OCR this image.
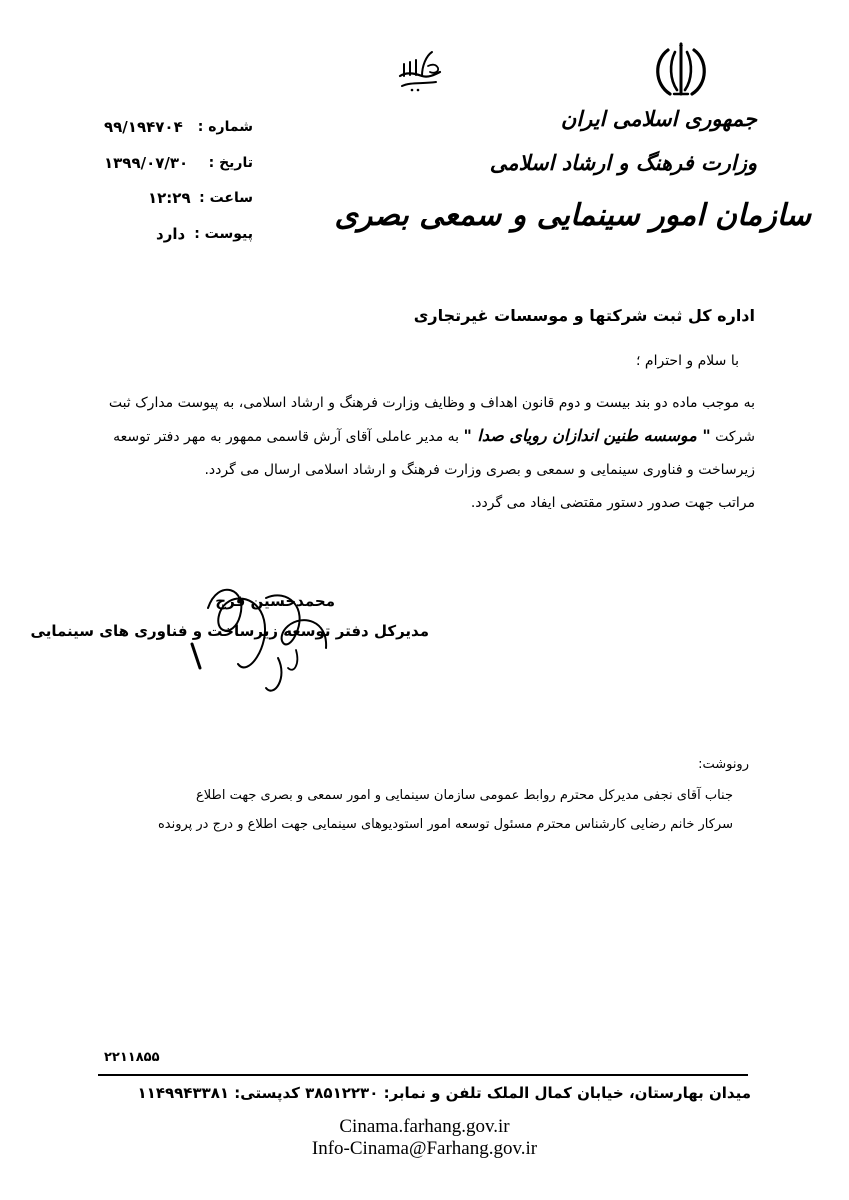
جمهوری اسلامی ایران
وزارت فرهنگ و ارشاد اسلامی
سازمان امور سینمایی و سمعی بصری
شماره :
۹۹/۱۹۴۷۰۴
تاریخ :
۱۳۹۹/۰۷/۳۰
ساعت :
۱۲:۲۹
پیوست :
دارد
اداره کل ثبت شرکتها و موسسات غیرتجاری
با سلام و احترام ؛
به موجب ماده دو بند بیست و دوم قانون اهداف و وظایف وزارت فرهنگ و ارشاد اسلامی، به پیوست مدارک ثبت
شرکت " موسسه طنین اندازان رویای صدا " به مدیر عاملی آقای آرش قاسمی ممهور به مهر دفتر توسعه
زیرساخت و فناوری سینمایی و سمعی و بصری وزارت فرهنگ و ارشاد اسلامی ارسال می گردد.
مراتب جهت صدور دستور مقتضی ایفاد می گردد.
محمدحسین فرج
مدیرکل دفتر توسعه زیرساخت و فناوری های سینمایی
رونوشت:
جناب آقای نجفی مدیرکل محترم روابط عمومی سازمان سینمایی و امور سمعی و بصری جهت اطلاع
سرکار خانم رضایی کارشناس محترم مسئول توسعه امور استودیوهای سینمایی جهت اطلاع و درج در پرونده
۲۲۱۱۸۵۵
میدان بهارستان، خیابان کمال الملک تلفن و نمابر: ۳۸۵۱۲۲۳۰ کدپستی: ۱۱۴۹۹۴۳۳۸۱
Cinama.farhang.gov.ir
Info-Cinama@Farhang.gov.ir
